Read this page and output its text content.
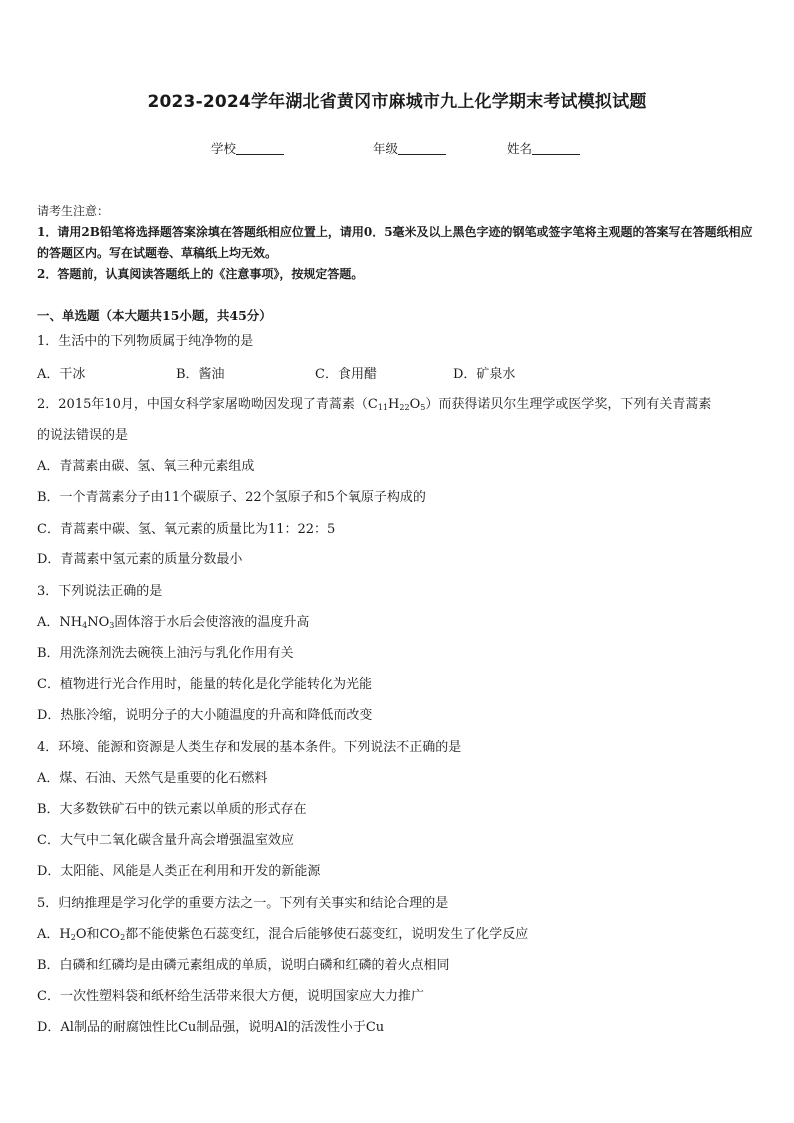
2023-2024学年湖北省黄冈市麻城市九上化学期末考试模拟试题
学校	年级	姓名
请考生注意：
1．请用2B铅笔将选择题答案涂填在答题纸相应位置上，请用0．5毫米及以上黑色字迹的钢笔或签字笔将主观题的答案写在答题纸相应的答题区内。写在试题卷、草稿纸上均无效。
2．答题前，认真阅读答题纸上的《注意事项》，按规定答题。
一、单选题（本大题共15小题，共45分）
1．生活中的下列物质属于纯净物的是
A．干冰	B．酱油	C．食用醋	D．矿泉水
2．2015年10月，中国女科学家屠呦呦因发现了青蒿素$(C_{11}H_{22}O_5)$而获得诺贝尔生理学或医学奖，下列有关青蒿素
的说法错误的是
A．青蒿素由碳、氢、氧三种元素组成
B．一个青蒿素分子由11个碳原子、22个氢原子和5个氧原子构成的
C．青蒿素中碳、氢、氧元素的质量比为11：22：5
D．青蒿素中氢元素的质量分数最小
3．下列说法正确的是
A．$NH_4NO_3$固体溶于水后会使溶液的温度升高
B．用洗涤剂洗去碗筷上油污与乳化作用有关
C．植物进行光合作用时，能量的转化是化学能转化为光能
D．热胀冷缩，说明分子的大小随温度的升高和降低而改变
4．环境、能源和资源是人类生存和发展的基本条件。下列说法不正确的是
A．煤、石油、天然气是重要的化石燃料
B．大多数铁矿石中的铁元素以单质的形式存在
C．大气中二氧化碳含量升高会增强温室效应
D．太阳能、风能是人类正在利用和开发的新能源
5．归纳推理是学习化学的重要方法之一。下列有关事实和结论合理的是
A．$H_2O$和$CO_2$都不能使紫色石蕊变红，混合后能够使石蕊变红，说明发生了化学反应
B．白磷和红磷均是由磷元素组成的单质，说明白磷和红磷的着火点相同
C．一次性塑料袋和纸杯给生活带来很大方便，说明国家应大力推广
D．Al制品的耐腐蚀性比Cu制品强，说明Al的活泼性小于Cu
